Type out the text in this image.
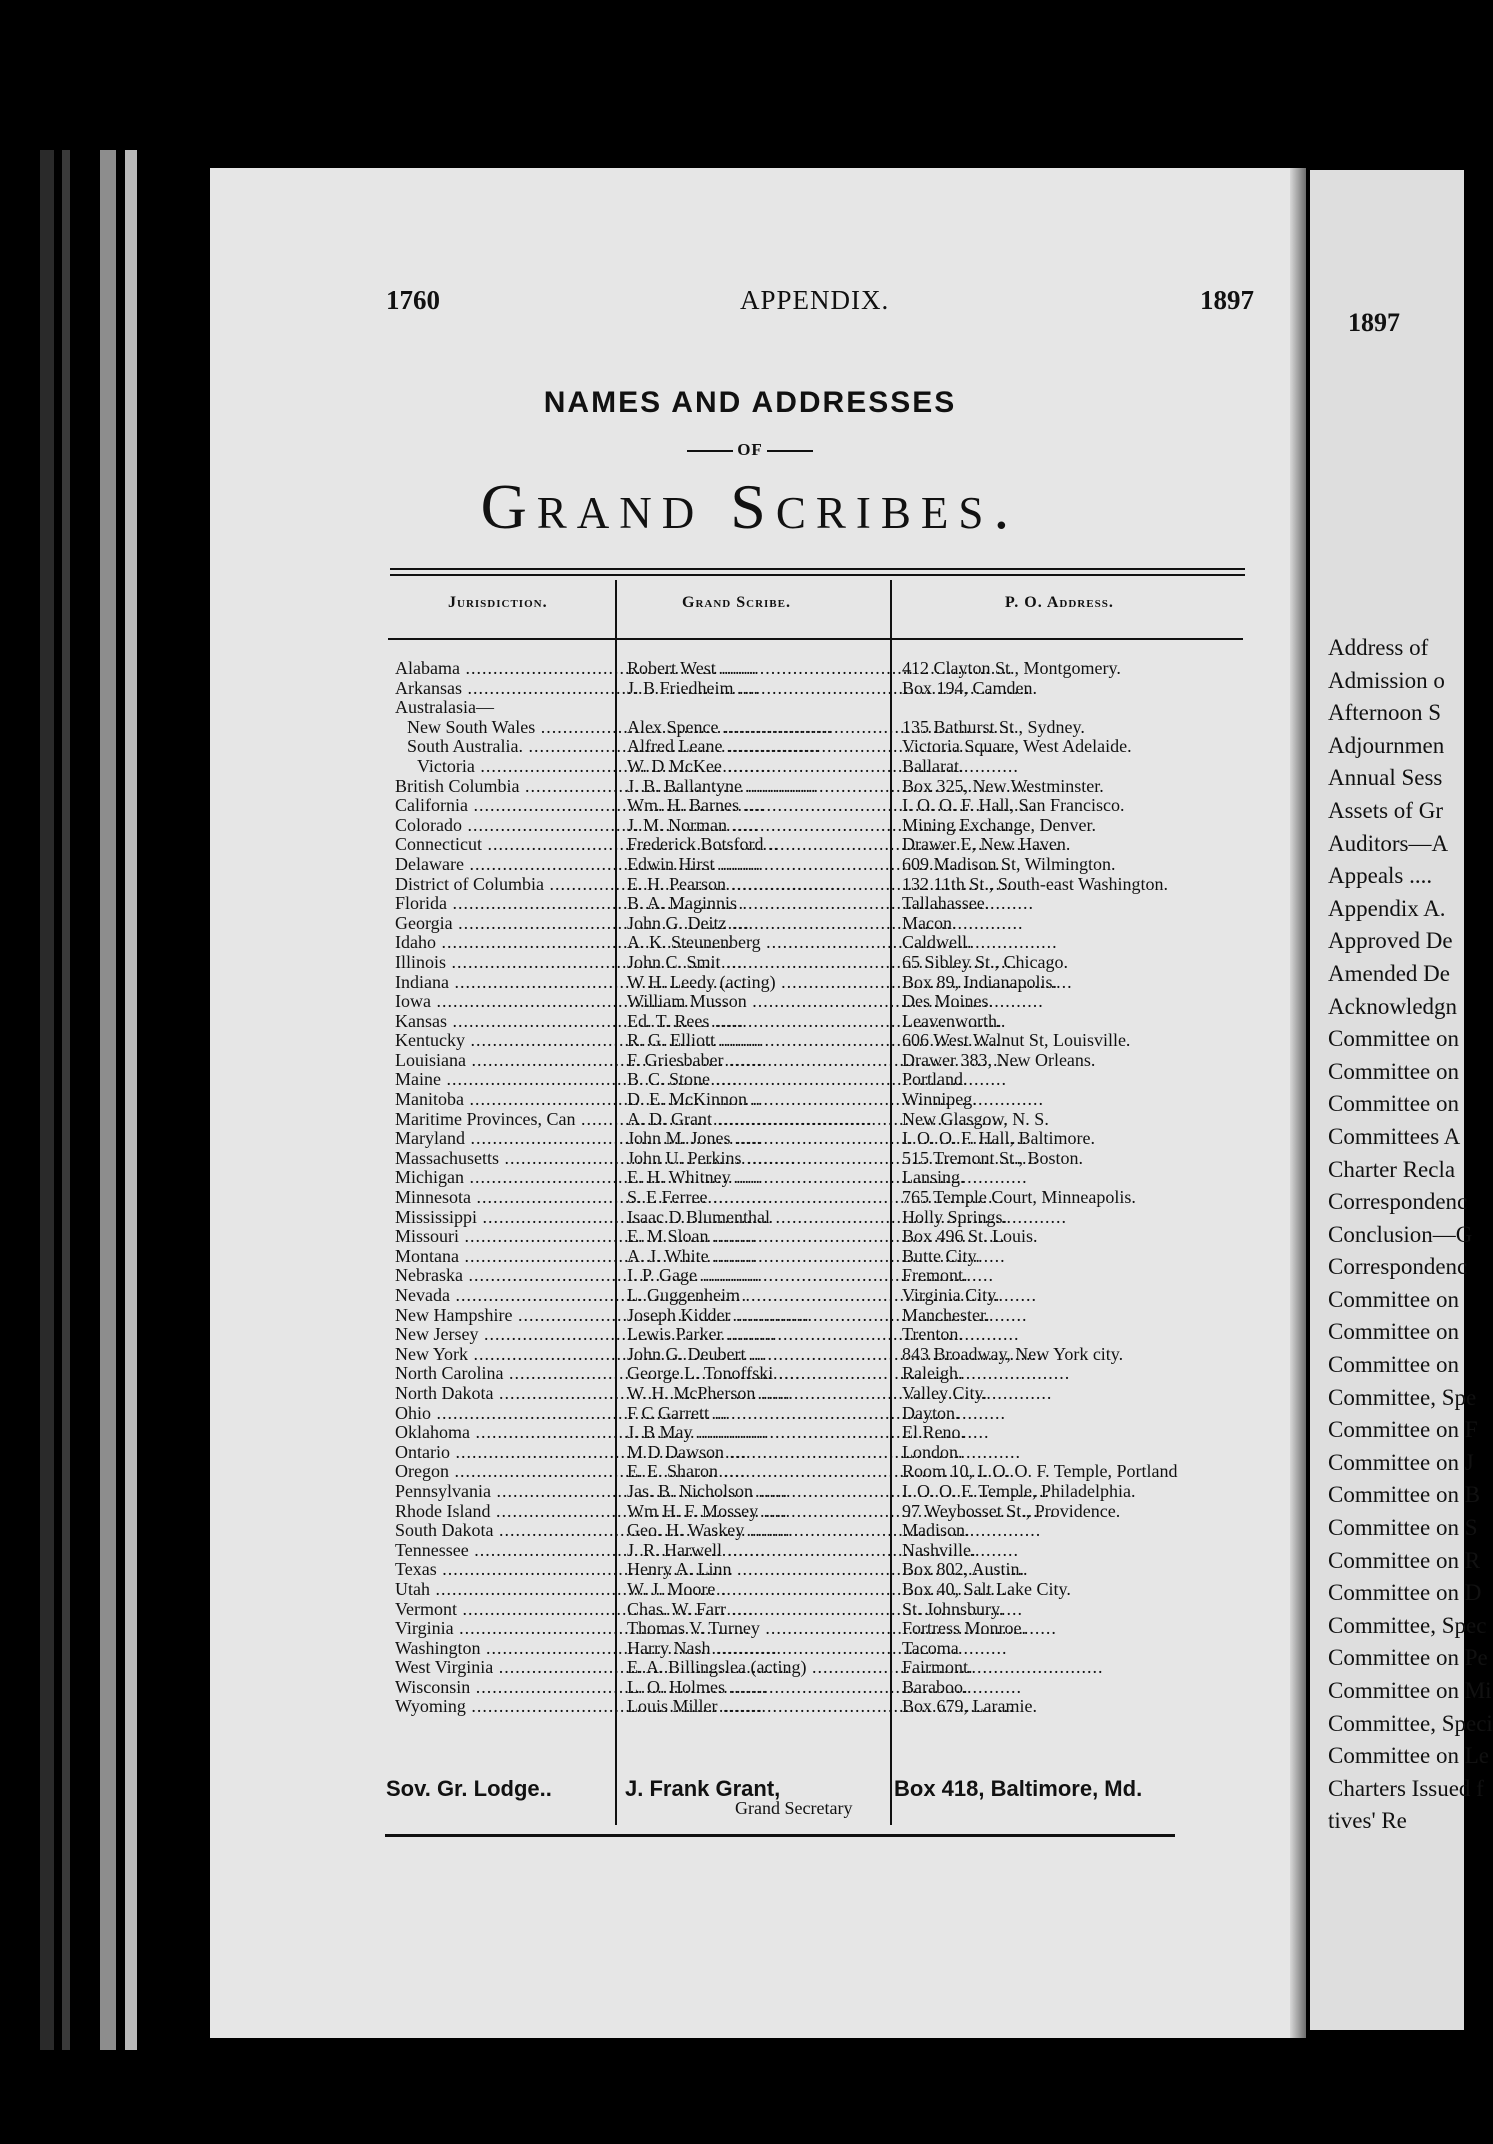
1760	APPENDIX.	1897
NAMES AND ADDRESSES
OF
Grand Scribes.
Jurisdiction.	Grand Scribe.	P. O. Address.
Alabama .....	Robert West .....	412 Clayton St., Montgomery.
Arkansas .....	J. B Friedheim .....	Box 194, Camden.
Australasia—
New South Wales .....	Alex Spence .....	135 Bathurst St., Sydney.
South Australia. .....	Alfred Leane .....	Victoria Square, West Adelaide.
Victoria .....	W. D McKee .....	Ballarat.
British Columbia .....	J. B. Ballantyne .....	Box 325, New Westminster.
California .....	Wm. H. Barnes .....	I. O. O. F. Hall, San Francisco.
Colorado .....	J. M. Norman .....	Mining Exchange, Denver.
Connecticut .....	Frederick Botsford .....	Drawer E, New Haven.
Delaware .....	Edwin Hirst .....	609 Madison St, Wilmington.
District of Columbia .....	E. H. Pearson .....	132 11th St., South-east Washington.
Florida .....	B. A. Maginnis .....	Tallahassee.
Georgia .....	John G. Deitz .....	Macon.
Idaho .....	A. K. Steunenberg .....	Caldwell.
Illinois .....	John C. Smit .....	65 Sibley St., Chicago.
Indiana .....	W H. Leedy (acting) .....	Box 89, Indianapolis.
Iowa .....	William Musson .....	Des Moines.
Kansas .....	Ed. T. Rees .....	Leavenworth.
Kentucky .....	R. G. Elliott .....	606 West Walnut St, Louisville.
Louisiana .....	F. Griesbaber .....	Drawer 383, New Orleans.
Maine .....	B. C. Stone .....	Portland.
Manitoba .....	D. E. McKinnon .....	Winnipeg.
Maritime Provinces, Can .....	A. D. Grant .....	New Glasgow, N. S.
Maryland .....	John M. Jones .....	I. O. O. F. Hall, Baltimore.
Massachusetts .....	John U. Perkins .....	515 Tremont St., Boston.
Michigan .....	E. H. Whitney .....	Lansing.
Minnesota .....	S. E Ferree .....	765 Temple Court, Minneapolis.
Mississippi .....	Isaac D Blumenthal .....	Holly Springs.
Missouri .....	E. M Sloan .....	Box 496 St. Louis.
Montana .....	A. J. White .....	Butte City.
Nebraska .....	I. P. Gage .....	Fremont.
Nevada .....	L. Guggenheim .....	Virginia City.
New Hampshire .....	Joseph Kidder .....	Manchester.
New Jersey .....	Lewis Parker .....	Trenton.
New York .....	John G. Deubert .....	843 Broadway, New York city.
North Carolina .....	George L. Tonoffski .....	Raleigh.
North Dakota .....	W. H. McPherson .....	Valley City.
Ohio .....	F C Garrett .....	Dayton.
Oklahoma .....	J. B May .....	El Reno.
Ontario .....	M D Dawson .....	London.
Oregon .....	E. E. Sharon .....	Room 10, I. O. O. F. Temple, Portland
Pennsylvania .....	Jas. B. Nicholson .....	I. O. O. F. Temple, Philadelphia.
Rhode Island .....	Wm H. F. Mossey .....	97 Weybosset St., Providence.
South Dakota .....	Geo. H. Waskey .....	Madison.
Tennessee .....	J. R. Harwell .....	Nashville.
Texas .....	Henry A. Linn .....	Box 802, Austin.
Utah .....	W. J. Moore .....	Box 40, Salt Lake City.
Vermont .....	Chas. W. Farr .....	St. Johnsbury.
Virginia .....	Thomas V. Turney .....	Fortress Monroe.
Washington .....	Harry Nash .....	Tacoma
West Virginia .....	E. A. Billingslea (acting) .....	Fairmont.
Wisconsin .....	L. O. Holmes .....	Baraboo.
Wyoming .....	Louis Miller .....	Box 679, Laramie.
Sov. Gr. Lodge..	J. Frank Grant,
Grand Secretary
Box 418, Baltimore, Md.
1897
Address of
Admission o
Afternoon S
Adjournmen
Annual Sess
Assets of Gr
Auditors—A
Appeals ....
Appendix A.
Approved De
Amended De
Acknowledgn
Committee on
Committee on
Committee on
Committees A
Charter Recla
Correspondenc
Conclusion—G
Correspondenc
Committee on
Committee on
Committee on
Committee, Spe
Committee on F
Committee on J
Committee on B
Committee on S
Committee on R
Committee on D
Committee, Spec
Committee on Pe
Committee on Mi
Committee, Speci
Committee on Le
Charters Issued f
tives' Re
